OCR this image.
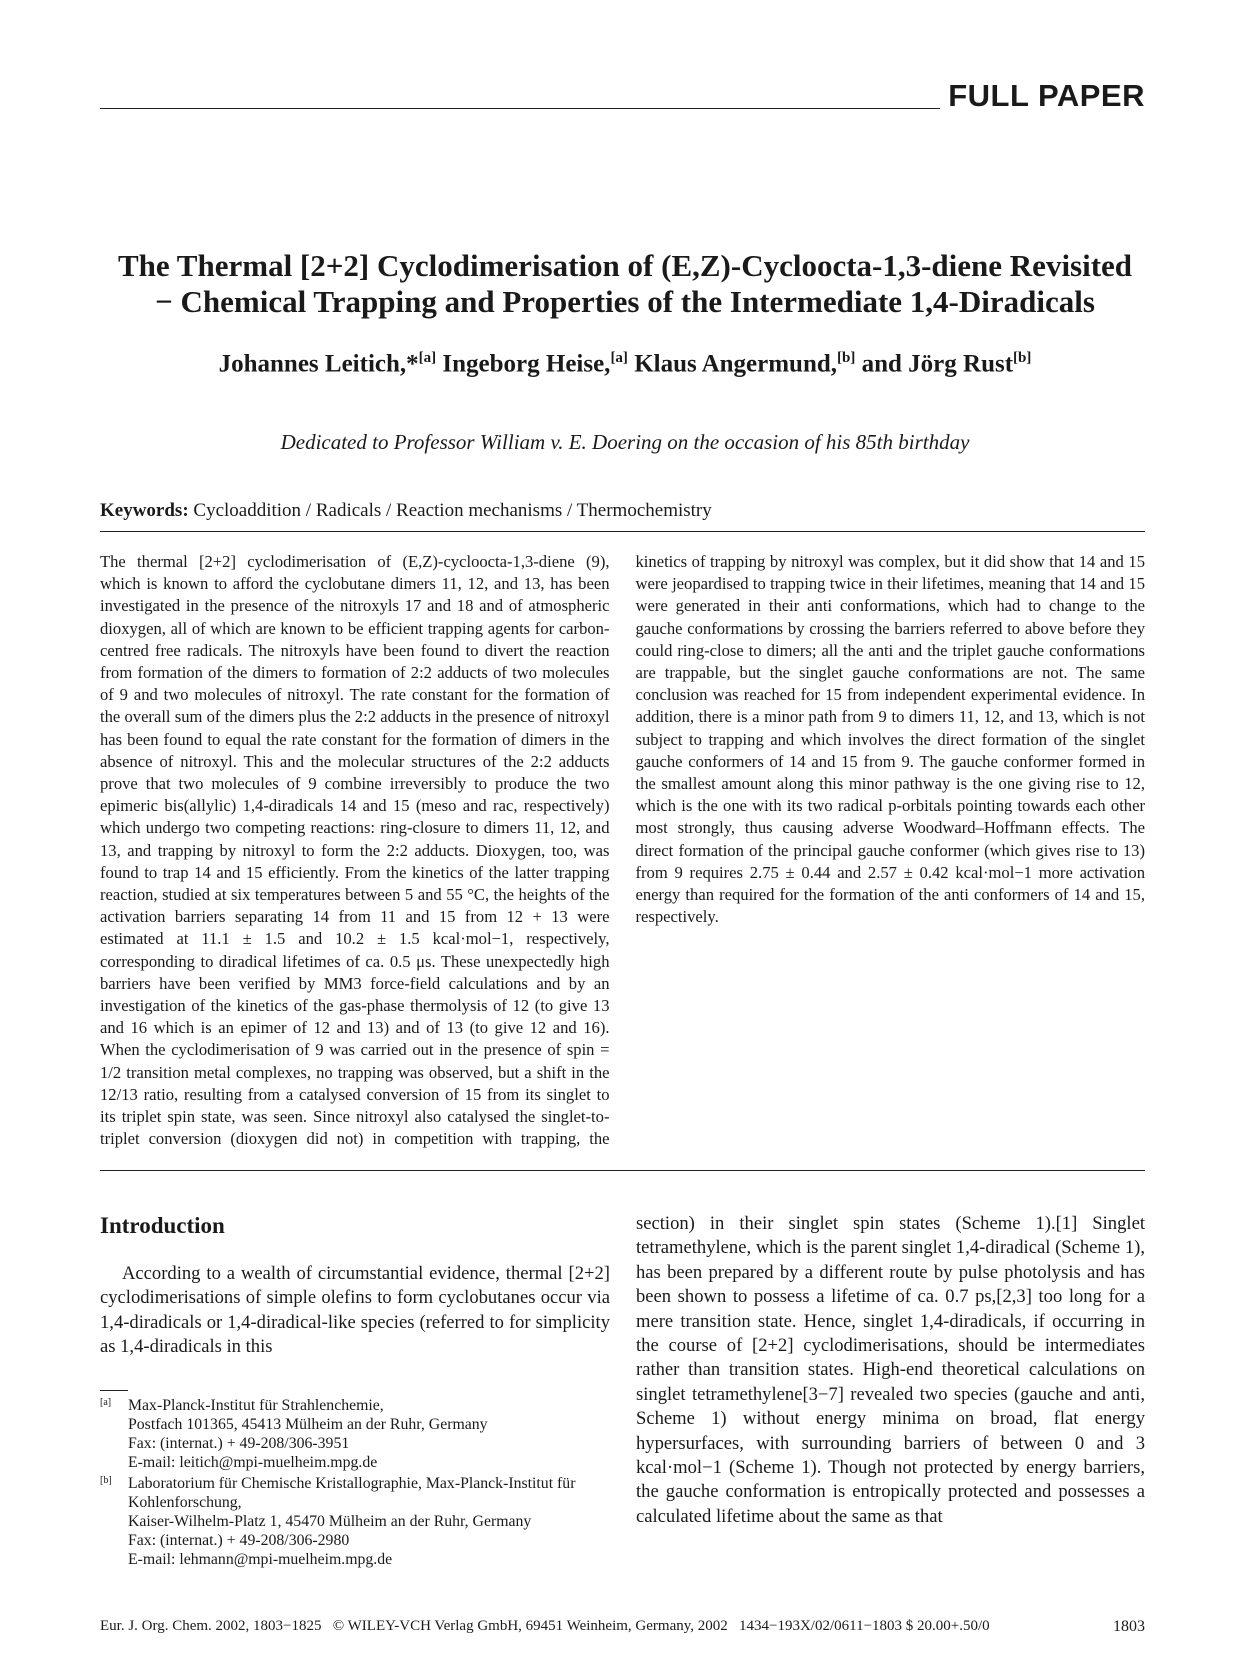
FULL PAPER
The Thermal [2+2] Cyclodimerisation of (E,Z)-Cycloocta-1,3-diene Revisited
− Chemical Trapping and Properties of the Intermediate 1,4-Diradicals
Johannes Leitich,*[a] Ingeborg Heise,[a] Klaus Angermund,[b] and Jörg Rust[b]
Dedicated to Professor William v. E. Doering on the occasion of his 85th birthday
Keywords: Cycloaddition / Radicals / Reaction mechanisms / Thermochemistry
The thermal [2+2] cyclodimerisation of (E,Z)-cycloocta-1,3-diene (9), which is known to afford the cyclobutane dimers 11, 12, and 13, has been investigated in the presence of the nitroxyls 17 and 18 and of atmospheric dioxygen, all of which are known to be efficient trapping agents for carbon-centred free radicals. The nitroxyls have been found to divert the reaction from formation of the dimers to formation of 2:2 adducts of two molecules of 9 and two molecules of nitroxyl. The rate constant for the formation of the overall sum of the dimers plus the 2:2 adducts in the presence of nitroxyl has been found to equal the rate constant for the formation of dimers in the absence of nitroxyl. This and the molecular structures of the 2:2 adducts prove that two molecules of 9 combine irreversibly to produce the two epimeric bis(allylic) 1,4-diradicals 14 and 15 (meso and rac, respectively) which undergo two competing reactions: ring-closure to dimers 11, 12, and 13, and trapping by nitroxyl to form the 2:2 adducts. Dioxygen, too, was found to trap 14 and 15 efficiently. From the kinetics of the latter trapping reaction, studied at six temperatures between 5 and 55 °C, the heights of the activation barriers separating 14 from 11 and 15 from 12 + 13 were estimated at 11.1 ± 1.5 and 10.2 ± 1.5 kcal·mol−1, respectively, corresponding to diradical lifetimes of ca. 0.5 μs. These unexpectedly high barriers have been verified by MM3 force-field calculations and by an investigation of the kinetics of the gas-phase thermolysis of 12 (to give 13 and 16 which is an epimer of 12 and 13) and of 13 (to give 12 and 16). When the cyclodimerisation of 9 was carried out in the presence of spin = 1/2 transition metal complexes, no trapping was observed, but a shift in the 12/13 ratio, resulting from a catalysed conversion of 15 from its singlet to its triplet spin state, was seen. Since nitroxyl also catalysed the singlet-to-triplet conversion (dioxygen did not) in competition with trapping, the kinetics of trapping by nitroxyl was complex, but it did show that 14 and 15 were jeopardised to trapping twice in their lifetimes, meaning that 14 and 15 were generated in their anti conformations, which had to change to the gauche conformations by crossing the barriers referred to above before they could ring-close to dimers; all the anti and the triplet gauche conformations are trappable, but the singlet gauche conformations are not. The same conclusion was reached for 15 from independent experimental evidence. In addition, there is a minor path from 9 to dimers 11, 12, and 13, which is not subject to trapping and which involves the direct formation of the singlet gauche conformers of 14 and 15 from 9. The gauche conformer formed in the smallest amount along this minor pathway is the one giving rise to 12, which is the one with its two radical p-orbitals pointing towards each other most strongly, thus causing adverse Woodward–Hoffmann effects. The direct formation of the principal gauche conformer (which gives rise to 13) from 9 requires 2.75 ± 0.44 and 2.57 ± 0.42 kcal·mol−1 more activation energy than required for the formation of the anti conformers of 14 and 15, respectively.
Introduction
According to a wealth of circumstantial evidence, thermal [2+2] cyclodimerisations of simple olefins to form cyclobutanes occur via 1,4-diradicals or 1,4-diradical-like species (referred to for simplicity as 1,4-diradicals in this
[a]	Max-Planck-Institut für Strahlenchemie,
Postfach 101365, 45413 Mülheim an der Ruhr, Germany
Fax: (internat.) + 49-208/306-3951
E-mail: leitich@mpi-muelheim.mpg.de
[b]	Laboratorium für Chemische Kristallographie, Max-Planck-Institut für Kohlenforschung,
Kaiser-Wilhelm-Platz 1, 45470 Mülheim an der Ruhr, Germany
Fax: (internat.) + 49-208/306-2980
E-mail: lehmann@mpi-muelheim.mpg.de
section) in their singlet spin states (Scheme 1).[1] Singlet tetramethylene, which is the parent singlet 1,4-diradical (Scheme 1), has been prepared by a different route by pulse photolysis and has been shown to possess a lifetime of ca. 0.7 ps,[2,3] too long for a mere transition state. Hence, singlet 1,4-diradicals, if occurring in the course of [2+2] cyclodimerisations, should be intermediates rather than transition states. High-end theoretical calculations on singlet tetramethylene[3−7] revealed two species (gauche and anti, Scheme 1) without energy minima on broad, flat energy hypersurfaces, with surrounding barriers of between 0 and 3 kcal·mol−1 (Scheme 1). Though not protected by energy barriers, the gauche conformation is entropically protected and possesses a calculated lifetime about the same as that
Eur. J. Org. Chem. 2002, 1803−1825   © WILEY-VCH Verlag GmbH, 69451 Weinheim, Germany, 2002   1434−193X/02/0611−1803 $ 20.00+.50/0	1803
